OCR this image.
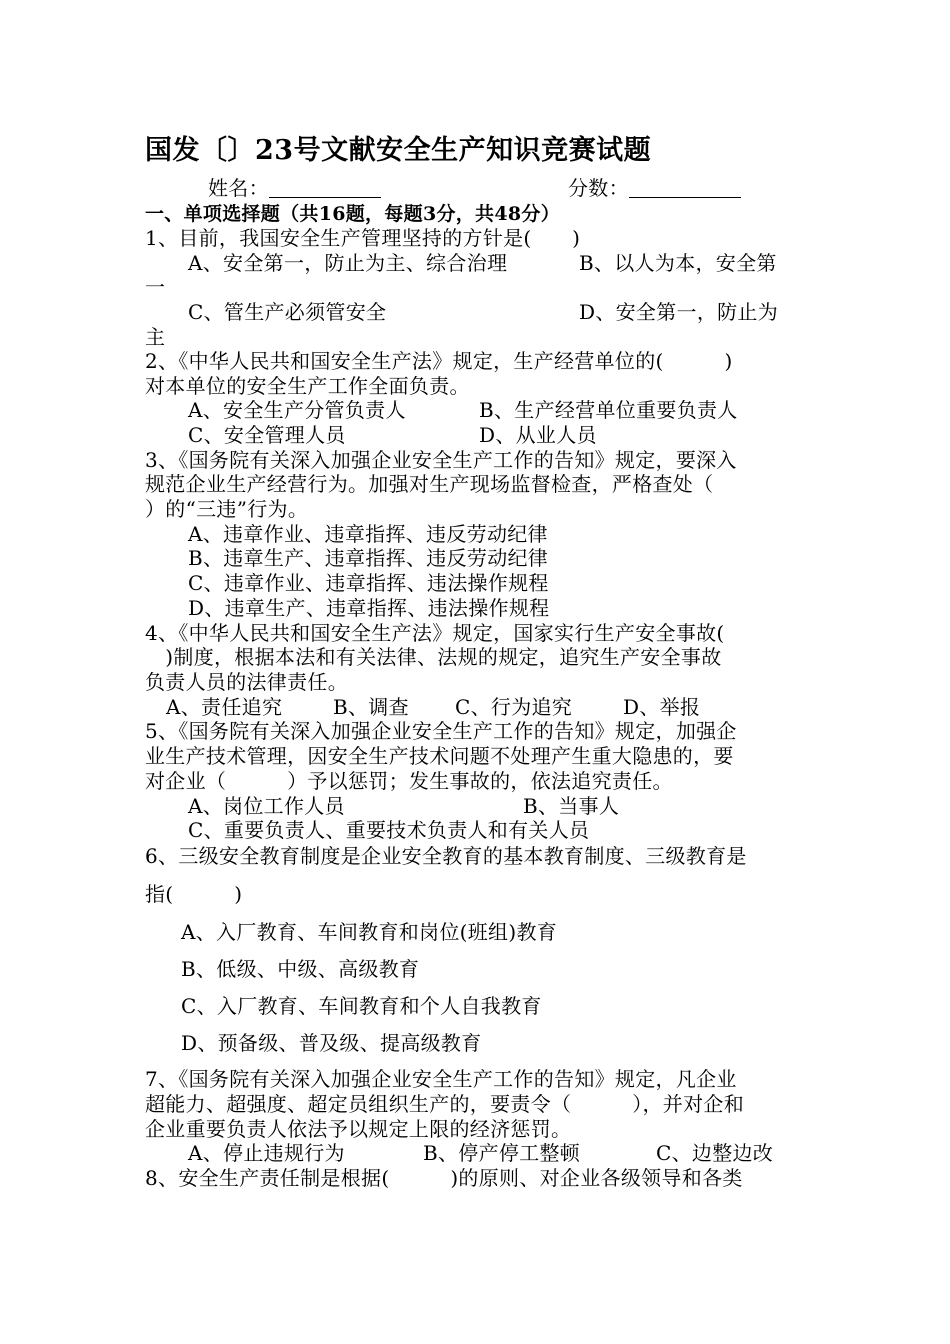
国发〔〕23号文献安全生产知识竞赛试题
姓名：	分数：
一、单项选择题（共16题，每题3分，共48分）
1、目前，我国安全生产管理坚持的方针是(　　)
A、安全第一，防止为主、综合治理	B、以人为本，安全第
一
C、管生产必须管安全	D、安全第一，防止为
主
2、《中华人民共和国安全生产法》规定，生产经营单位的(　　　)
对本单位的安全生产工作全面负责。
A、安全生产分管负责人	B、生产经营单位重要负责人
C、安全管理人员	D、从业人员
3、《国务院有关深入加强企业安全生产工作的告知》规定，要深入
规范企业生产经营行为。加强对生产现场监督检查，严格查处（
）的“三违”行为。
A、违章作业、违章指挥、违反劳动纪律
B、违章生产、违章指挥、违反劳动纪律
C、违章作业、违章指挥、违法操作规程
D、违章生产、违章指挥、违法操作规程
4、《中华人民共和国安全生产法》规定，国家实行生产安全事故(
　)制度，根据本法和有关法律、法规的规定，追究生产安全事故
负责人员的法律责任。
A、责任追究	B、调查 C、行为追究	D、举报
5、《国务院有关深入加强企业安全生产工作的告知》规定，加强企
业生产技术管理，因安全生产技术问题不处理产生重大隐患的，要
对企业（　　　）予以惩罚；发生事故的，依法追究责任。
A、岗位工作人员	B、当事人
C、重要负责人、重要技术负责人和有关人员
6、三级安全教育制度是企业安全教育的基本教育制度、三级教育是
指(　　　)
A、入厂教育、车间教育和岗位(班组)教育
B、低级、中级、高级教育
C、入厂教育、车间教育和个人自我教育
D、预备级、普及级、提高级教育
7、《国务院有关深入加强企业安全生产工作的告知》规定，凡企业
超能力、超强度、超定员组织生产的，要责令（　　　），并对企和
企业重要负责人依法予以规定上限的经济惩罚。
A、停止违规行为	B、停产停工整顿	C、边整边改
8、安全生产责任制是根据(　　　)的原则、对企业各级领导和各类
